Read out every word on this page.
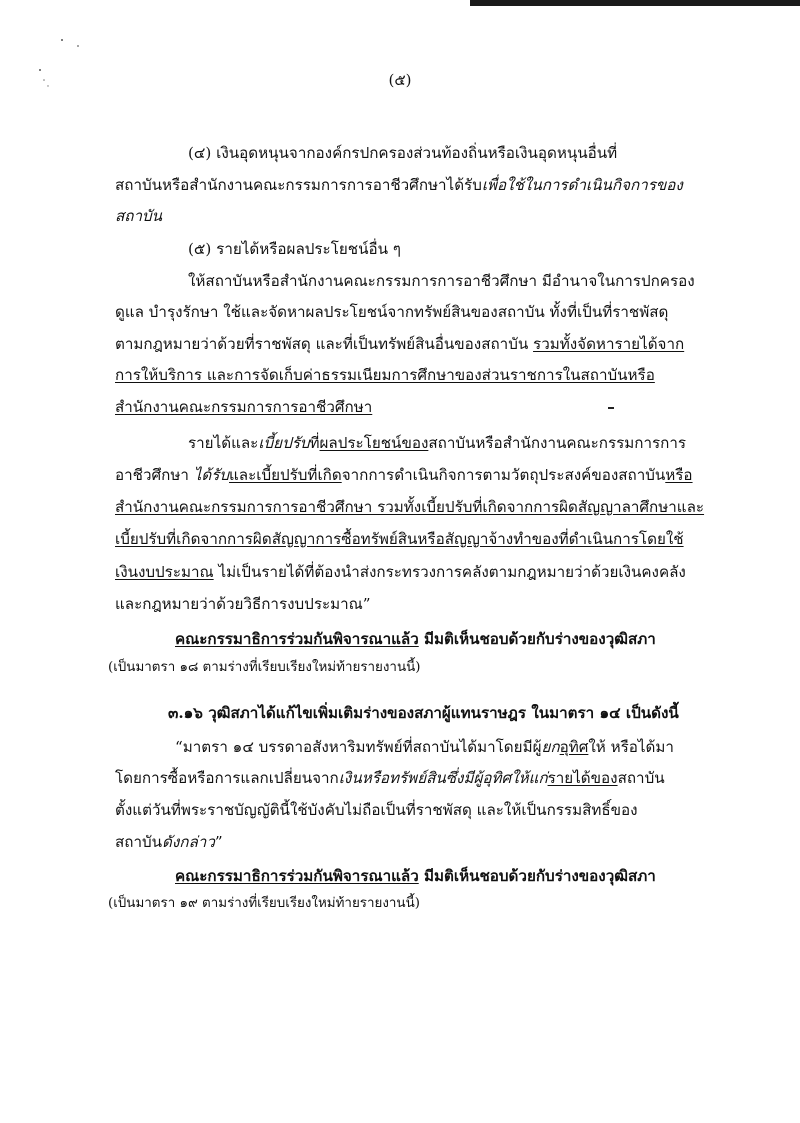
(๕)
(๔) เงินอุดหนุนจากองค์กรปกครองส่วนท้องถิ่นหรือเงินอุดหนุนอื่นที่
สถาบันหรือสำนักงานคณะกรรมการการอาชีวศึกษาได้รับเพื่อใช้ในการดำเนินกิจการของ
สถาบัน
(๕) รายได้หรือผลประโยชน์อื่น ๆ
ให้สถาบันหรือสำนักงานคณะกรรมการการอาชีวศึกษา มีอำนาจในการปกครอง
ดูแล บำรุงรักษา ใช้และจัดหาผลประโยชน์จากทรัพย์สินของสถาบัน ทั้งที่เป็นที่ราชพัสดุ
ตามกฎหมายว่าด้วยที่ราชพัสดุ และที่เป็นทรัพย์สินอื่นของสถาบัน รวมทั้งจัดหารายได้จาก
การให้บริการ และการจัดเก็บค่าธรรมเนียมการศึกษาของส่วนราชการในสถาบันหรือ
สำนักงานคณะกรรมการการอาชีวศึกษา
รายได้และเบี้ยปรับที่ผลประโยชน์ของสถาบันหรือสำนักงานคณะกรรมการการ
อาชีวศึกษา ได้รับและเบี้ยปรับที่เกิดจากการดำเนินกิจการตามวัตถุประสงค์ของสถาบันหรือ
สำนักงานคณะกรรมการการอาชีวศึกษา รวมทั้งเบี้ยปรับที่เกิดจากการผิดสัญญาลาศึกษาและ
เบี้ยปรับที่เกิดจากการผิดสัญญาการซื้อทรัพย์สินหรือสัญญาจ้างทำของที่ดำเนินการโดยใช้
เงินงบประมาณ ไม่เป็นรายได้ที่ต้องนำส่งกระทรวงการคลังตามกฎหมายว่าด้วยเงินคงคลัง
และกฎหมายว่าด้วยวิธีการงบประมาณ”
คณะกรรมาธิการร่วมกันพิจารณาแล้ว มีมติเห็นชอบด้วยกับร่างของวุฒิสภา
(เป็นมาตรา ๑๘ ตามร่างที่เรียบเรียงใหม่ท้ายรายงานนี้)
๓.๑๖ วุฒิสภาได้แก้ไขเพิ่มเติมร่างของสภาผู้แทนราษฎร ในมาตรา ๑๔ เป็นดังนี้
“มาตรา ๑๔ บรรดาอสังหาริมทรัพย์ที่สถาบันได้มาโดยมีผู้ยกอุทิศให้ หรือได้มา
โดยการซื้อหรือการแลกเปลี่ยนจากเงินหรือทรัพย์สินซึ่งมีผู้อุทิศให้แก่รายได้ของสถาบัน
ตั้งแต่วันที่พระราชบัญญัตินี้ใช้บังคับไม่ถือเป็นที่ราชพัสดุ และให้เป็นกรรมสิทธิ์ของ
สถาบันดังกล่าว”
คณะกรรมาธิการร่วมกันพิจารณาแล้ว มีมติเห็นชอบด้วยกับร่างของวุฒิสภา
(เป็นมาตรา ๑๙ ตามร่างที่เรียบเรียงใหม่ท้ายรายงานนี้)
